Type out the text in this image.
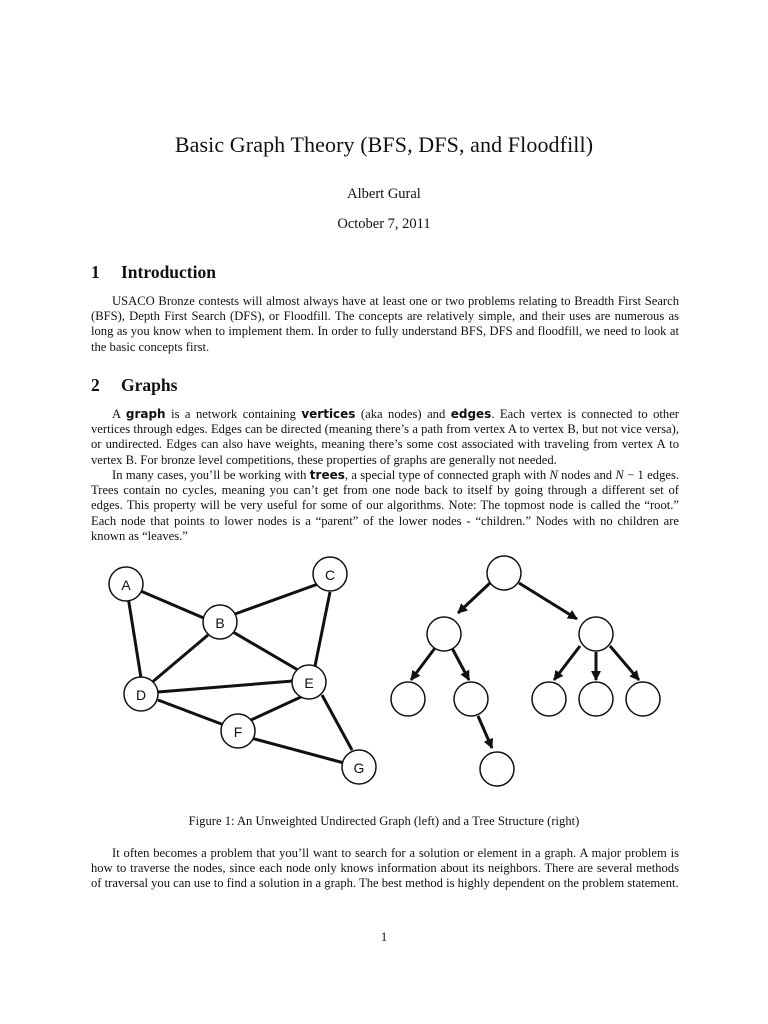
Basic Graph Theory (BFS, DFS, and Floodfill)
Albert Gural
October 7, 2011
1 Introduction

USACO Bronze contests will almost always have at least one or two problems relating to Breadth First Search (BFS), Depth First Search (DFS), or Floodfill. The concepts are relatively simple, and their uses are numerous as long as you know when to implement them. In order to fully understand BFS, DFS and floodfill, we need to look at the basic concepts first.

2 Graphs

A graph is a network containing vertices (aka nodes) and edges. Each vertex is connected to other vertices through edges. Edges can be directed (meaning there’s a path from vertex A to vertex B, but not vice versa), or undirected. Edges can also have weights, meaning there’s some cost associated with traveling from vertex A to vertex B. For bronze level competitions, these properties of graphs are generally not needed.

In many cases, you’ll be working with trees, a special type of connected graph with N nodes and N − 1 edges. Trees contain no cycles, meaning you can’t get from one node back to itself by going through a different set of edges. This property will be very useful for some of our algorithms. Note: The topmost node is called the “root.” Each node that points to lower nodes is a “parent” of the lower nodes - “children.” Nodes with no children are known as “leaves.”

A
B
C
D
E
F
G
Figure 1: An Unweighted Undirected Graph (left) and a Tree Structure (right)

It often becomes a problem that you’ll want to search for a solution or element in a graph. A major problem is how to traverse the nodes, since each node only knows information about its neighbors. There are several methods of traversal you can use to find a solution in a graph. The best method is highly dependent on the problem statement.

1
